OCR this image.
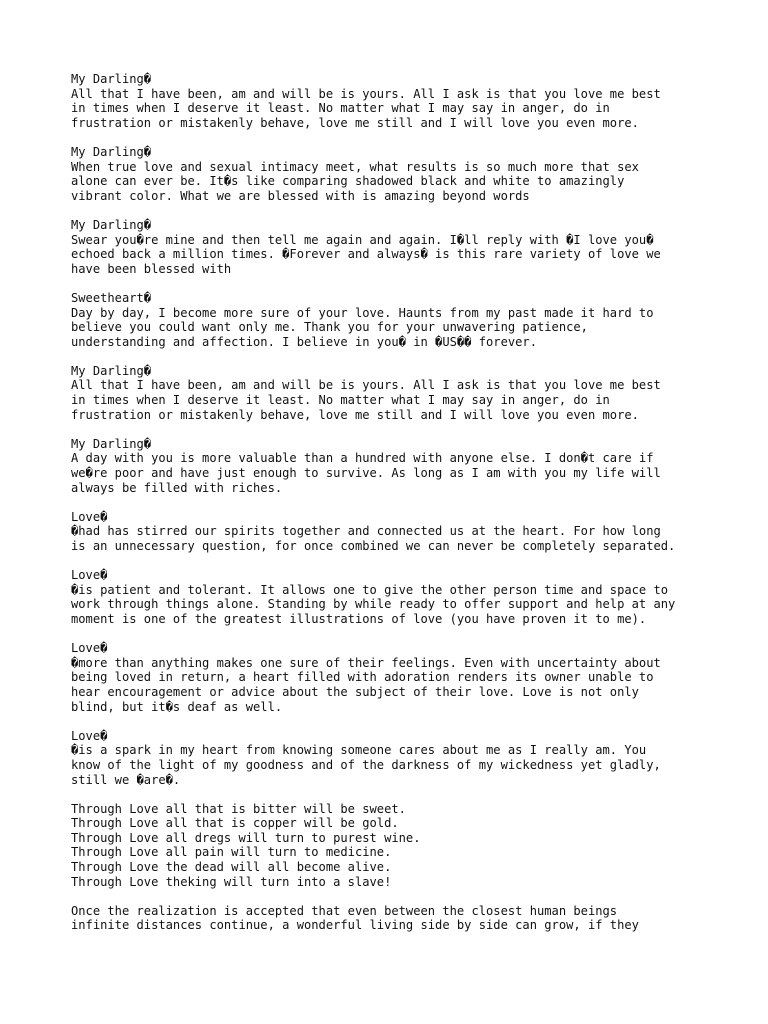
My Darling�
All that I have been, am and will be is yours. All I ask is that you love me best
in times when I deserve it least. No matter what I may say in anger, do in
frustration or mistakenly behave, love me still and I will love you even more.
My Darling�
When true love and sexual intimacy meet, what results is so much more that sex
alone can ever be. It�s like comparing shadowed black and white to amazingly
vibrant color. What we are blessed with is amazing beyond words
My Darling�
Swear you�re mine and then tell me again and again. I�ll reply with �I love you�
echoed back a million times. �Forever and always� is this rare variety of love we
have been blessed with
Sweetheart�
Day by day, I become more sure of your love. Haunts from my past made it hard to
believe you could want only me. Thank you for your unwavering patience,
understanding and affection. I believe in you� in �US�� forever.
My Darling�
All that I have been, am and will be is yours. All I ask is that you love me best
in times when I deserve it least. No matter what I may say in anger, do in
frustration or mistakenly behave, love me still and I will love you even more.
My Darling�
A day with you is more valuable than a hundred with anyone else. I don�t care if
we�re poor and have just enough to survive. As long as I am with you my life will
always be filled with riches.
Love�
�had has stirred our spirits together and connected us at the heart. For how long
is an unnecessary question, for once combined we can never be completely separated.
Love�
�is patient and tolerant. It allows one to give the other person time and space to
work through things alone. Standing by while ready to offer support and help at any
moment is one of the greatest illustrations of love (you have proven it to me).
Love�
�more than anything makes one sure of their feelings. Even with uncertainty about
being loved in return, a heart filled with adoration renders its owner unable to
hear encouragement or advice about the subject of their love. Love is not only
blind, but it�s deaf as well.
Love�
�is a spark in my heart from knowing someone cares about me as I really am. You
know of the light of my goodness and of the darkness of my wickedness yet gladly,
still we �are�.
Through Love all that is bitter will be sweet.
Through Love all that is copper will be gold.
Through Love all dregs will turn to purest wine.
Through Love all pain will turn to medicine.
Through Love the dead will all become alive.
Through Love theking will turn into a slave!
Once the realization is accepted that even between the closest human beings
infinite distances continue, a wonderful living side by side can grow, if they
